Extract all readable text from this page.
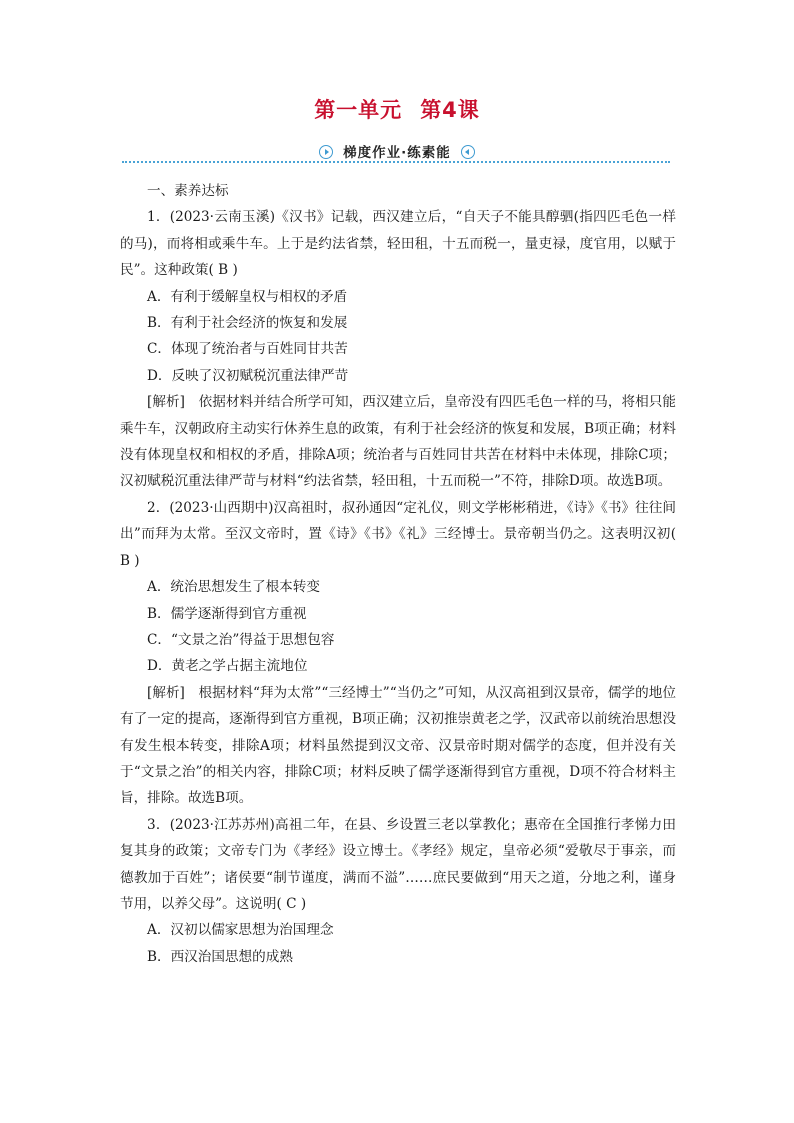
第一单元 第4课
梯度作业·练素能

一、素养达标

1．(2023·云南玉溪)《汉书》记载，西汉建立后，“自天子不能具醇驷(指四匹毛色一样的马)，而将相或乘牛车。上于是约法省禁，轻田租，十五而税一，量吏禄，度官用，以赋于民”。这种政策( B )

A．有利于缓解皇权与相权的矛盾

B．有利于社会经济的恢复和发展

C．体现了统治者与百姓同甘共苦

D．反映了汉初赋税沉重法律严苛

[解析]　依据材料并结合所学可知，西汉建立后，皇帝没有四匹毛色一样的马，将相只能乘牛车，汉朝政府主动实行休养生息的政策，有利于社会经济的恢复和发展，B项正确；材料没有体现皇权和相权的矛盾，排除A项；统治者与百姓同甘共苦在材料中未体现，排除C项；汉初赋税沉重法律严苛与材料“约法省禁，轻田租，十五而税一”不符，排除D项。故选B项。

2．(2023·山西期中)汉高祖时，叔孙通因“定礼仪，则文学彬彬稍进，《诗》《书》往往间出”而拜为太常。至汉文帝时，置《诗》《书》《礼》三经博士。景帝朝当仍之。这表明汉初( B )

A．统治思想发生了根本转变

B．儒学逐渐得到官方重视

C．“文景之治”得益于思想包容

D．黄老之学占据主流地位

[解析]　根据材料“拜为太常”“三经博士”“当仍之”可知，从汉高祖到汉景帝，儒学的地位有了一定的提高，逐渐得到官方重视，B项正确；汉初推崇黄老之学，汉武帝以前统治思想没有发生根本转变，排除A项；材料虽然提到汉文帝、汉景帝时期对儒学的态度，但并没有关于“文景之治”的相关内容，排除C项；材料反映了儒学逐渐得到官方重视，D项不符合材料主旨，排除。故选B项。

3．(2023·江苏苏州)高祖二年，在县、乡设置三老以掌教化；惠帝在全国推行孝悌力田复其身的政策；文帝专门为《孝经》设立博士。《孝经》规定，皇帝必须“爱敬尽于事亲，而德教加于百姓”；诸侯要“制节谨度，满而不溢”……庶民要做到“用天之道，分地之利，谨身节用，以养父母”。这说明( C )

A．汉初以儒家思想为治国理念

B．西汉治国思想的成熟
